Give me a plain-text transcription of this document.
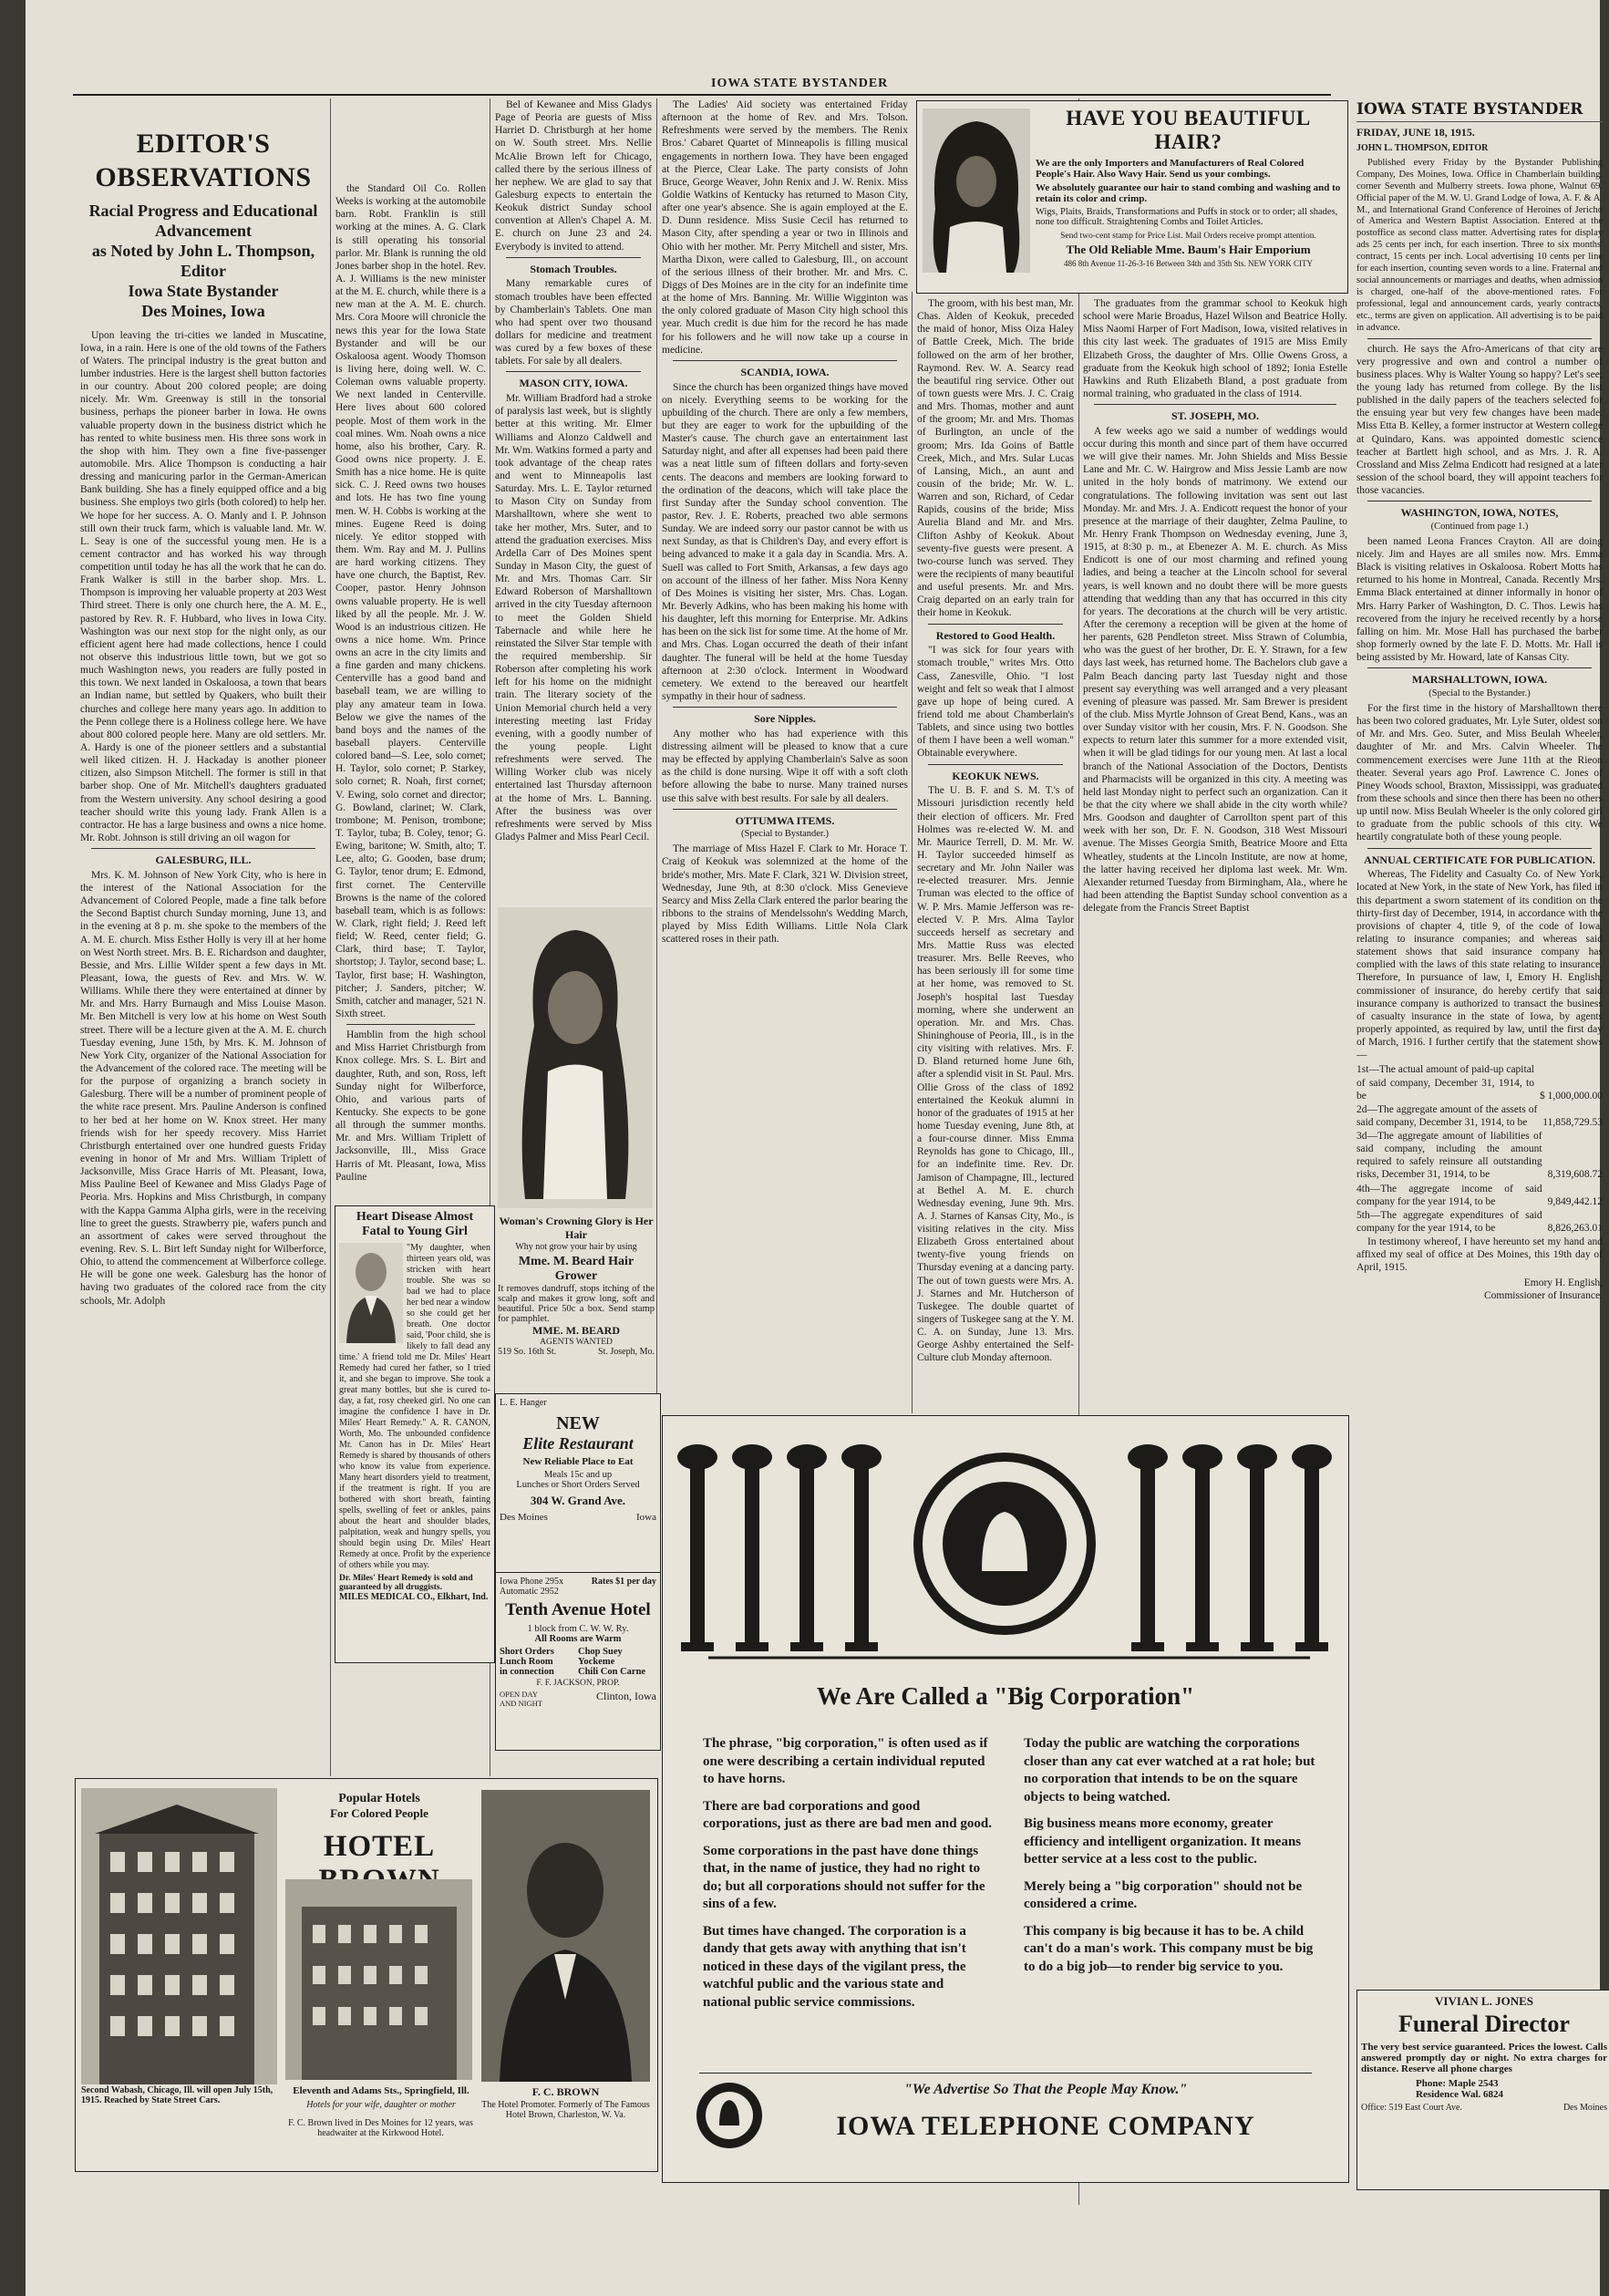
IOWA STATE BYSTANDER
EDITOR'S OBSERVATIONS
Racial Progress and Educational Advancement
as Noted by John L. Thompson, Editor
Iowa State Bystander
Des Moines, Iowa

Upon leaving the tri-cities we landed in Muscatine, Iowa, in a rain. Here is one of the old towns of the Fathers of Waters. The principal industry is the great button and lumber industries. Here is the largest shell button factories in our country. About 200 colored people; are doing nicely. Mr. Wm. Greenway is still in the tonsorial business, perhaps the pioneer barber in Iowa. He owns valuable property down in the business district which he has rented to white business men. His three sons work in the shop with him. They own a fine five-passenger automobile. Mrs. Alice Thompson is conducting a hair dressing and manicuring parlor in the German-American Bank building. She has a finely equipped office and a big business. She employs two girls (both colored) to help her. We hope for her success. A. O. Manly and I. P. Johnson still own their truck farm, which is valuable land. Mr. W. L. Seay is one of the successful young men. He is a cement contractor and has worked his way through competition until today he has all the work that he can do. Frank Walker is still in the barber shop. Mrs. L. Thompson is improving her valuable property at 203 West Third street. There is only one church here, the A. M. E., pastored by Rev. R. F. Hubbard, who lives in Iowa City. Washington was our next stop for the night only, as our efficient agent here had made collections, hence I could not observe this industrious little town, but we got so much Washington news, you readers are fully posted in this town. We next landed in Oskaloosa, a town that bears an Indian name, but settled by Quakers, who built their churches and college here many years ago. In addition to the Penn college there is a Holiness college here. We have about 800 colored people here. Many are old settlers. Mr. A. Hardy is one of the pioneer settlers and a substantial well liked citizen. H. J. Hackaday is another pioneer citizen, also Simpson Mitchell. The former is still in that barber shop. One of Mr. Mitchell's daughters graduated from the Western university. Any school desiring a good teacher should write this young lady. Frank Allen is a contractor. He has a large business and owns a nice home. Mr. Robt. Johnson is still driving an oil wagon for

GALESBURG, ILL.

Mrs. K. M. Johnson of New York City, who is here in the interest of the National Association for the Advancement of Colored People, made a fine talk before the Second Baptist church Sunday morning, June 13, and in the evening at 8 p. m. she spoke to the members of the A. M. E. church. Miss Esther Holly is very ill at her home on West North street. Mrs. B. E. Richardson and daughter, Bessie, and Mrs. Lillie Wilder spent a few days in Mt. Pleasant, Iowa, the guests of Rev. and Mrs. W. W. Williams. While there they were entertained at dinner by Mr. and Mrs. Harry Burnaugh and Miss Louise Mason. Mr. Ben Mitchell is very low at his home on West South street. There will be a lecture given at the A. M. E. church Tuesday evening, June 15th, by Mrs. K. M. Johnson of New York City, organizer of the National Association for the Advancement of the colored race. The meeting will be for the purpose of organizing a branch society in Galesburg. There will be a number of prominent people of the white race present. Mrs. Pauline Anderson is confined to her bed at her home on W. Knox street. Her many friends wish for her speedy recovery. Miss Harriet Christburgh entertained over one hundred guests Friday evening in honor of Mr and Mrs. William Triplett of Jacksonville, Miss Grace Harris of Mt. Pleasant, Iowa, Miss Pauline Beel of Kewanee and Miss Gladys Page of Peoria. Mrs. Hopkins and Miss Christburgh, in company with the Kappa Gamma Alpha girls, were in the receiving line to greet the guests. Strawberry pie, wafers punch and an assortment of cakes were served throughout the evening. Rev. S. L. Birt left Sunday night for Wilberforce, Ohio, to attend the commencement at Wilberforce college. He will be gone one week. Galesburg has the honor of having two graduates of the colored race from the city schools, Mr. Adolph

the Standard Oil Co. Rollen Weeks is working at the automobile barn. Robt. Franklin is still working at the mines. A. G. Clark is still operating his tonsorial parlor. Mr. Blank is running the old Jones barber shop in the hotel. Rev. A. J. Williams is the new minister at the M. E. church, while there is a new man at the A. M. E. church. Mrs. Cora Moore will chronicle the news this year for the Iowa State Bystander and will be our Oskaloosa agent. Woody Thomson is living here, doing well. W. C. Coleman owns valuable property. We next landed in Centerville. Here lives about 600 colored people. Most of them work in the coal mines. Wm. Noah owns a nice home, also his brother, Cary. R. Good owns nice property. J. E. Smith has a nice home. He is quite sick. C. J. Reed owns two houses and lots. He has two fine young men. W. H. Cobbs is working at the mines. Eugene Reed is doing nicely. Ye editor stopped with them. Wm. Ray and M. J. Pullins are hard working citizens. They have one church, the Baptist, Rev. Cooper, pastor. Henry Johnson owns valuable property. He is well liked by all the people. Mr. J. W. Wood is an industrious citizen. He owns a nice home. Wm. Prince owns an acre in the city limits and a fine garden and many chickens. Centerville has a good band and baseball team, we are willing to play any amateur team in Iowa. Below we give the names of the band boys and the names of the baseball players. Centerville colored band—S. Lee, solo cornet; H. Taylor, solo cornet; P. Starkey, solo cornet; R. Noah, first cornet; V. Ewing, solo cornet and director; G. Bowland, clarinet; W. Clark, trombone; M. Penison, trombone; T. Taylor, tuba; B. Coley, tenor; G. Ewing, baritone; W. Smith, alto; T. Lee, alto; G. Gooden, base drum; G. Taylor, tenor drum; E. Edmond, first cornet. The Centerville Browns is the name of the colored baseball team, which is as follows: W. Clark, right field; J. Reed left field; W. Reed, center field; G. Clark, third base; T. Taylor, shortstop; J. Taylor, second base; L. Taylor, first base; H. Washington, pitcher; J. Sanders, pitcher; W. Smith, catcher and manager, 521 N. Sixth street.

Hamblin from the high school and Miss Harriet Christburgh from Knox college. Mrs. S. L. Birt and daughter, Ruth, and son, Ross, left Sunday night for Wilberforce, Ohio, and various parts of Kentucky. She expects to be gone all through the summer months. Mr. and Mrs. William Triplett of Jacksonville, Ill., Miss Grace Harris of Mt. Pleasant, Iowa, Miss Pauline

Heart Disease Almost
Fatal to Young Girl
"My daughter, when thirteen years old, was stricken with heart trouble. She was so bad we had to place her bed near a window so she could get her breath. One doctor said, 'Poor child, she is likely to fall dead any time.' A friend told me Dr. Miles' Heart Remedy had cured her father, so I tried it, and she began to improve. She took a great many bottles, but she is cured to-day, a fat, rosy cheeked girl. No one can imagine the confidence I have in Dr. Miles' Heart Remedy." A. R. CANON, Worth, Mo. The unbounded confidence Mr. Canon has in Dr. Miles' Heart Remedy is shared by thousands of others who know its value from experience. Many heart disorders yield to treatment, if the treatment is right. If you are bothered with short breath, fainting spells, swelling of feet or ankles, pains about the heart and shoulder blades, palpitation, weak and hungry spells, you should begin using Dr. Miles' Heart Remedy at once. Profit by the experience of others while you may.
Dr. Miles' Heart Remedy is sold and guaranteed by all druggists.
MILES MEDICAL CO., Elkhart, Ind.

Bel of Kewanee and Miss Gladys Page of Peoria are guests of Miss Harriet D. Christburgh at her home on W. South street. Mrs. Nellie McAlie Brown left for Chicago, called there by the serious illness of her nephew. We are glad to say that Galesburg expects to entertain the Keokuk district Sunday school convention at Allen's Chapel A. M. E. church on June 23 and 24. Everybody is invited to attend.

Stomach Troubles.

Many remarkable cures of stomach troubles have been effected by Chamberlain's Tablets. One man who had spent over two thousand dollars for medicine and treatment was cured by a few boxes of these tablets. For sale by all dealers.

MASON CITY, IOWA.

Mr. William Bradford had a stroke of paralysis last week, but is slightly better at this writing. Mr. Elmer Williams and Alonzo Caldwell and Mr. Wm. Watkins formed a party and took advantage of the cheap rates and went to Minneapolis last Saturday. Mrs. L. E. Taylor returned to Mason City on Sunday from Marshalltown, where she went to take her mother, Mrs. Suter, and to attend the graduation exercises. Miss Ardella Carr of Des Moines spent Sunday in Mason City, the guest of Mr. and Mrs. Thomas Carr. Sir Edward Roberson of Marshalltown arrived in the city Tuesday afternoon to meet the Golden Shield Tabernacle and while here he reinstated the Silver Star temple with the required membership. Sir Roberson after completing his work left for his home on the midnight train. The literary society of the Union Memorial church held a very interesting meeting last Friday evening, with a goodly number of the young people. Light refreshments were served. The Willing Worker club was nicely entertained last Thursday afternoon at the home of Mrs. L. Banning. After the business was over refreshments were served by Miss Gladys Palmer and Miss Pearl Cecil.

Woman's Crowning Glory is Her Hair
Why not grow your hair by using
Mme. M. Beard Hair Grower
It removes dandruff, stops itching of the scalp and makes it grow long, soft and beautiful. Price 50c a box. Send stamp for pamphlet.
MME. M. BEARD
AGENTS WANTED
519 So. 16th St.	St. Joseph, Mo.
L. E. Hanger
NEW
Elite Restaurant
New Reliable Place to Eat
Meals 15c and up
Lunches or Short Orders Served
304 W. Grand Ave.
Des Moines	Iowa
Iowa Phone 295x	Rates $1 per day
Automatic 2952
Tenth Avenue Hotel
1 block from C. W. W. Ry.
All Rooms are Warm
Short Orders	Chop Suey
Lunch Room	Yockeme
in connection	Chili Con Carne
F. F. JACKSON, PROP.
OPEN DAY AND NIGHT
Clinton, Iowa
Popular Hotels
For Colored People
HOTEL
Eleventh and Adams Sts., Springfield, Ill.
Hotels for your wife, daughter or mother
Second Wabash, Chicago, Ill. will open July 15th, 1915. Reached by State Street Cars.
F. C. Brown lived in Des Moines for 12 years, was headwaiter at the Kirkwood Hotel.
F. C. BROWN
The Hotel Promoter. Formerly of The Famous Hotel Brown, Charleston, W. Va.
HAVE YOU BEAUTIFUL HAIR?
We are the only Importers and Manufacturers of Real Colored People's Hair. Also Wavy Hair. Send us your combings.
We absolutely guarantee our hair to stand combing and washing and to retain its color and crimp.
Wigs, Plaits, Braids, Transformations and Puffs in stock or to order; all shades, none too difficult. Straightening Combs and Toilet Articles.
Send two-cent stamp for Price List. Mail Orders receive prompt attention.
The Old Reliable Mme. Baum's Hair Emporium
486 8th Avenue 11-26-3-16 Between 34th and 35th Sts. NEW YORK CITY

The Ladies' Aid society was entertained Friday afternoon at the home of Rev. and Mrs. Tolson. Refreshments were served by the members. The Renix Bros.' Cabaret Quartet of Minneapolis is filling musical engagements in northern Iowa. They have been engaged at the Pierce, Clear Lake. The party consists of John Bruce, George Weaver, John Renix and J. W. Renix. Miss Goldie Watkins of Kentucky has returned to Mason City, after one year's absence. She is again employed at the E. D. Dunn residence. Miss Susie Cecil has returned to Mason City, after spending a year or two in Illinois and Ohio with her mother. Mr. Perry Mitchell and sister, Mrs. Martha Dixon, were called to Galesburg, Ill., on account of the serious illness of their brother. Mr. and Mrs. C. Diggs of Des Moines are in the city for an indefinite time at the home of Mrs. Banning. Mr. Willie Wigginton was the only colored graduate of Mason City high school this year. Much credit is due him for the record he has made for his followers and he will now take up a course in medicine.

SCANDIA, IOWA.

Since the church has been organized things have moved on nicely. Everything seems to be working for the upbuilding of the church. There are only a few members, but they are eager to work for the upbuilding of the Master's cause. The church gave an entertainment last Saturday night, and after all expenses had been paid there was a neat little sum of fifteen dollars and forty-seven cents. The deacons and members are looking forward to the ordination of the deacons, which will take place the first Sunday after the Sunday school convention. The pastor, Rev. J. E. Roberts, preached two able sermons Sunday. We are indeed sorry our pastor cannot be with us next Sunday, as that is Children's Day, and every effort is being advanced to make it a gala day in Scandia. Mrs. A. Suell was called to Fort Smith, Arkansas, a few days ago on account of the illness of her father. Miss Nora Kenny of Des Moines is visiting her sister, Mrs. Chas. Logan. Mr. Beverly Adkins, who has been making his home with his daughter, left this morning for Enterprise. Mr. Adkins has been on the sick list for some time. At the home of Mr. and Mrs. Chas. Logan occurred the death of their infant daughter. The funeral will be held at the home Tuesday afternoon at 2:30 o'clock. Interment in Woodward cemetery. We extend to the bereaved our heartfelt sympathy in their hour of sadness.

Sore Nipples.

Any mother who has had experience with this distressing ailment will be pleased to know that a cure may be effected by applying Chamberlain's Salve as soon as the child is done nursing. Wipe it off with a soft cloth before allowing the babe to nurse. Many trained nurses use this salve with best results. For sale by all dealers.

OTTUMWA ITEMS.
(Special to Bystander.)

The marriage of Miss Hazel F. Clark to Mr. Horace T. Craig of Keokuk was solemnized at the home of the bride's mother, Mrs. Mate F. Clark, 321 W. Division street, Wednesday, June 9th, at 8:30 o'clock. Miss Genevieve Searcy and Miss Zella Clark entered the parlor bearing the ribbons to the strains of Mendelssohn's Wedding March, played by Miss Edith Williams. Little Nola Clark scattered roses in their path.

The groom, with his best man, Mr. Chas. Alden of Keokuk, preceded the maid of honor, Miss Oiza Haley of Battle Creek, Mich. The bride followed on the arm of her brother, Raymond. Rev. W. A. Searcy read the beautiful ring service. Other out of town guests were Mrs. J. C. Craig and Mrs. Thomas, mother and aunt of the groom; Mr. and Mrs. Thomas of Burlington, an uncle of the groom; Mrs. Ida Goins of Battle Creek, Mich., and Mrs. Sular Lucas of Lansing, Mich., an aunt and cousin of the bride; Mr. W. L. Warren and son, Richard, of Cedar Rapids, cousins of the bride; Miss Aurelia Bland and Mr. and Mrs. Clifton Ashby of Keokuk. About seventy-five guests were present. A two-course lunch was served. They were the recipients of many beautiful and useful presents. Mr. and Mrs. Craig departed on an early train for their home in Keokuk.

Restored to Good Health.

"I was sick for four years with stomach trouble," writes Mrs. Otto Cass, Zanesville, Ohio. "I lost weight and felt so weak that I almost gave up hope of being cured. A friend told me about Chamberlain's Tablets, and since using two bottles of them I have been a well woman." Obtainable everywhere.

KEOKUK NEWS.

The U. B. F. and S. M. T.'s of Missouri jurisdiction recently held their election of officers. Mr. Fred Holmes was re-elected W. M. and Mr. Maurice Terrell, D. M. Mr. W. H. Taylor succeeded himself as secretary and Mr. John Nailer was re-elected treasurer. Mrs. Jennie Truman was elected to the office of W. P. Mrs. Mamie Jefferson was re-elected V. P. Mrs. Alma Taylor succeeds herself as secretary and Mrs. Mattie Russ was elected treasurer. Mrs. Belle Reeves, who has been seriously ill for some time at her home, was removed to St. Joseph's hospital last Tuesday morning, where she underwent an operation. Mr. and Mrs. Chas. Shininghouse of Peoria, Ill., is in the city visiting with relatives. Mrs. F. D. Bland returned home June 6th, after a splendid visit in St. Paul. Mrs. Ollie Gross of the class of 1892 entertained the Keokuk alumni in honor of the graduates of 1915 at her home Tuesday evening, June 8th, at a four-course dinner. Miss Emma Reynolds has gone to Chicago, Ill., for an indefinite time. Rev. Dr. Jamison of Champagne, Ill., lectured at Bethel A. M. E. church Wednesday evening, June 9th. Mrs. A. J. Starnes of Kansas City, Mo., is visiting relatives in the city. Miss Elizabeth Gross entertained about twenty-five young friends on Thursday evening at a dancing party. The out of town guests were Mrs. A. J. Starnes and Mr. Hutcherson of Tuskegee. The double quartet of singers of Tuskegee sang at the Y. M. C. A. on Sunday, June 13. Mrs. George Ashby entertained the Self-Culture club Monday afternoon.

The graduates from the grammar school to Keokuk high school were Marie Broadus, Hazel Wilson and Beatrice Holly. Miss Naomi Harper of Fort Madison, Iowa, visited relatives in this city last week. The graduates of 1915 are Miss Emily Elizabeth Gross, the daughter of Mrs. Ollie Owens Gross, a graduate from the Keokuk high school of 1892; Ionia Estelle Hawkins and Ruth Elizabeth Bland, a post graduate from normal training, who graduated in the class of 1914.

ST. JOSEPH, MO.

A few weeks ago we said a number of weddings would occur during this month and since part of them have occurred we will give their names. Mr. John Shields and Miss Bessie Lane and Mr. C. W. Hairgrow and Miss Jessie Lamb are now united in the holy bonds of matrimony. We extend our congratulations. The following invitation was sent out last Monday. Mr. and Mrs. J. A. Endicott request the honor of your presence at the marriage of their daughter, Zelma Pauline, to Mr. Henry Frank Thompson on Wednesday evening, June 3, 1915, at 8:30 p. m., at Ebenezer A. M. E. church. As Miss Endicott is one of our most charming and refined young ladies, and being a teacher at the Lincoln school for several years, is well known and no doubt there will be more guests attending that wedding than any that has occurred in this city for years. The decorations at the church will be very artistic. After the ceremony a reception will be given at the home of her parents, 628 Pendleton street. Miss Strawn of Columbia, who was the guest of her brother, Dr. E. Y. Strawn, for a few days last week, has returned home. The Bachelors club gave a Palm Beach dancing party last Tuesday night and those present say everything was well arranged and a very pleasant evening of pleasure was passed. Mr. Sam Brewer is president of the club. Miss Myrtle Johnson of Great Bend, Kans., was an over Sunday visitor with her cousin, Mrs. F. N. Goodson. She expects to return later this summer for a more extended visit, when it will be glad tidings for our young men. At last a local branch of the National Association of the Doctors, Dentists and Pharmacists will be organized in this city. A meeting was held last Monday night to perfect such an organization. Can it be that the city where we shall abide in the city worth while? Mrs. Goodson and daughter of Carrollton spent part of this week with her son, Dr. F. N. Goodson, 318 West Missouri avenue. The Misses Georgia Smith, Beatrice Moore and Etta Wheatley, students at the Lincoln Institute, are now at home, the latter having received her diploma last week. Mr. Wm. Alexander returned Tuesday from Birmingham, Ala., where he had been attending the Baptist Sunday school convention as a delegate from the Francis Street Baptist

We Are Called a "Big Corporation"

The phrase, "big corporation," is often used as if one were describing a certain individual reputed to have horns.

There are bad corporations and good corporations, just as there are bad men and good.

Some corporations in the past have done things that, in the name of justice, they had no right to do; but all corporations should not suffer for the sins of a few.

But times have changed. The corporation is a dandy that gets away with anything that isn't noticed in these days of the vigilant press, the watchful public and the various state and national public service commissions.

Today the public are watching the corporations closer than any cat ever watched at a rat hole; but no corporation that intends to be on the square objects to being watched.

Big business means more economy, greater efficiency and intelligent organization. It means better service at a less cost to the public.

Merely being a "big corporation" should not be considered a crime.

This company is big because it has to be. A child can't do a man's work. This company must be big to do a big job—to render big service to you.

"We Advertise So That the People May Know."
IOWA TELEPHONE COMPANY
IOWA STATE BYSTANDER
FRIDAY, JUNE 18, 1915.
JOHN L. THOMPSON, EDITOR

Published every Friday by the Bystander Publishing Company, Des Moines, Iowa. Office in Chamberlain building, corner Seventh and Mulberry streets. Iowa phone, Walnut 69. Official paper of the M. W. U. Grand Lodge of Iowa, A. F. & A. M., and International Grand Conference of Heroines of Jericho of America and Western Baptist Association. Entered at the postoffice as second class matter. Advertising rates for display ads 25 cents per inch, for each insertion. Three to six months' contract, 15 cents per inch. Local advertising 10 cents per line for each insertion, counting seven words to a line. Fraternal and social announcements or marriages and deaths, when admission is charged, one-half of the above-mentioned rates. For professional, legal and announcement cards, yearly contracts, etc., terms are given on application. All advertising is to be paid in advance.

church. He says the Afro-Americans of that city are very progressive and own and control a number of business places. Why is Walter Young so happy? Let's see; the young lady has returned from college. By the list published in the daily papers of the teachers selected for the ensuing year but very few changes have been made. Miss Etta B. Kelley, a former instructor at Western college at Quindaro, Kans. was appointed domestic science teacher at Bartlett high school, and as Mrs. J. R. A. Crossland and Miss Zelma Endicott had resigned at a later session of the school board, they will appoint teachers for those vacancies.

WASHINGTON, IOWA, NOTES,
(Continued from page 1.)

been named Leona Frances Crayton. All are doing nicely. Jim and Hayes are all smiles now. Mrs. Emma Black is visiting relatives in Oskaloosa. Robert Motts has returned to his home in Montreal, Canada. Recently Mrs. Emma Black entertained at dinner informally in honor of Mrs. Harry Parker of Washington, D. C. Thos. Lewis has recovered from the injury he received recently by a horse falling on him. Mr. Mose Hall has purchased the barber shop formerly owned by the late F. D. Motts. Mr. Hall is being assisted by Mr. Howard, late of Kansas City.

MARSHALLTOWN, IOWA.
(Special to the Bystander.)

For the first time in the history of Marshalltown there has been two colored graduates, Mr. Lyle Suter, oldest son of Mr. and Mrs. Geo. Suter, and Miss Beulah Wheeler, daughter of Mr. and Mrs. Calvin Wheeler. The commencement exercises were June 11th at the Rieon theater. Several years ago Prof. Lawrence C. Jones of Piney Woods school, Braxton, Mississippi, was graduated from these schools and since then there has been no others up until now. Miss Beulah Wheeler is the only colored girl to graduate from the public schools of this city. We heartily congratulate both of these young people.

ANNUAL CERTIFICATE FOR PUBLICATION.

Whereas, The Fidelity and Casualty Co. of New York, located at New York, in the state of New York, has filed in this department a sworn statement of its condition on the thirty-first day of December, 1914, in accordance with the provisions of chapter 4, title 9, of the code of Iowa, relating to insurance companies; and whereas said statement shows that said insurance company has complied with the laws of this state relating to insurance. Therefore, In pursuance of law, I, Emory H. English, commissioner of insurance, do hereby certify that said insurance company is authorized to transact the business of casualty insurance in the state of Iowa, by agents properly appointed, as required by law, until the first day of March, 1916. I further certify that the statement shows—

1st—The actual amount of paid-up capital of said company, December 31, 1914, to be	$ 1,000,000.00
2d—The aggregate amount of the assets of said company, December 31, 1914, to be	11,858,729.53
3d—The aggregate amount of liabilities of said company, including the amount required to safely reinsure all outstanding risks, December 31, 1914, to be	8,319,608.72
4th—The aggregate income of said company for the year 1914, to be	9,849,442.12
5th—The aggregate expenditures of said company for the year 1914, to be	8,826,263.01

In testimony whereof, I have hereunto set my hand and affixed my seal of office at Des Moines, this 19th day of April, 1915.

Emory H. English,
Commissioner of Insurance.
VIVIAN L. JONES
Funeral Director
The very best service guaranteed. Prices the lowest. Calls answered promptly day or night. No extra charges for distance. Reserve all phone charges
Phone: Maple 2543
Residence Wal. 6824
Office: 519 East Court Ave.	Des Moines
